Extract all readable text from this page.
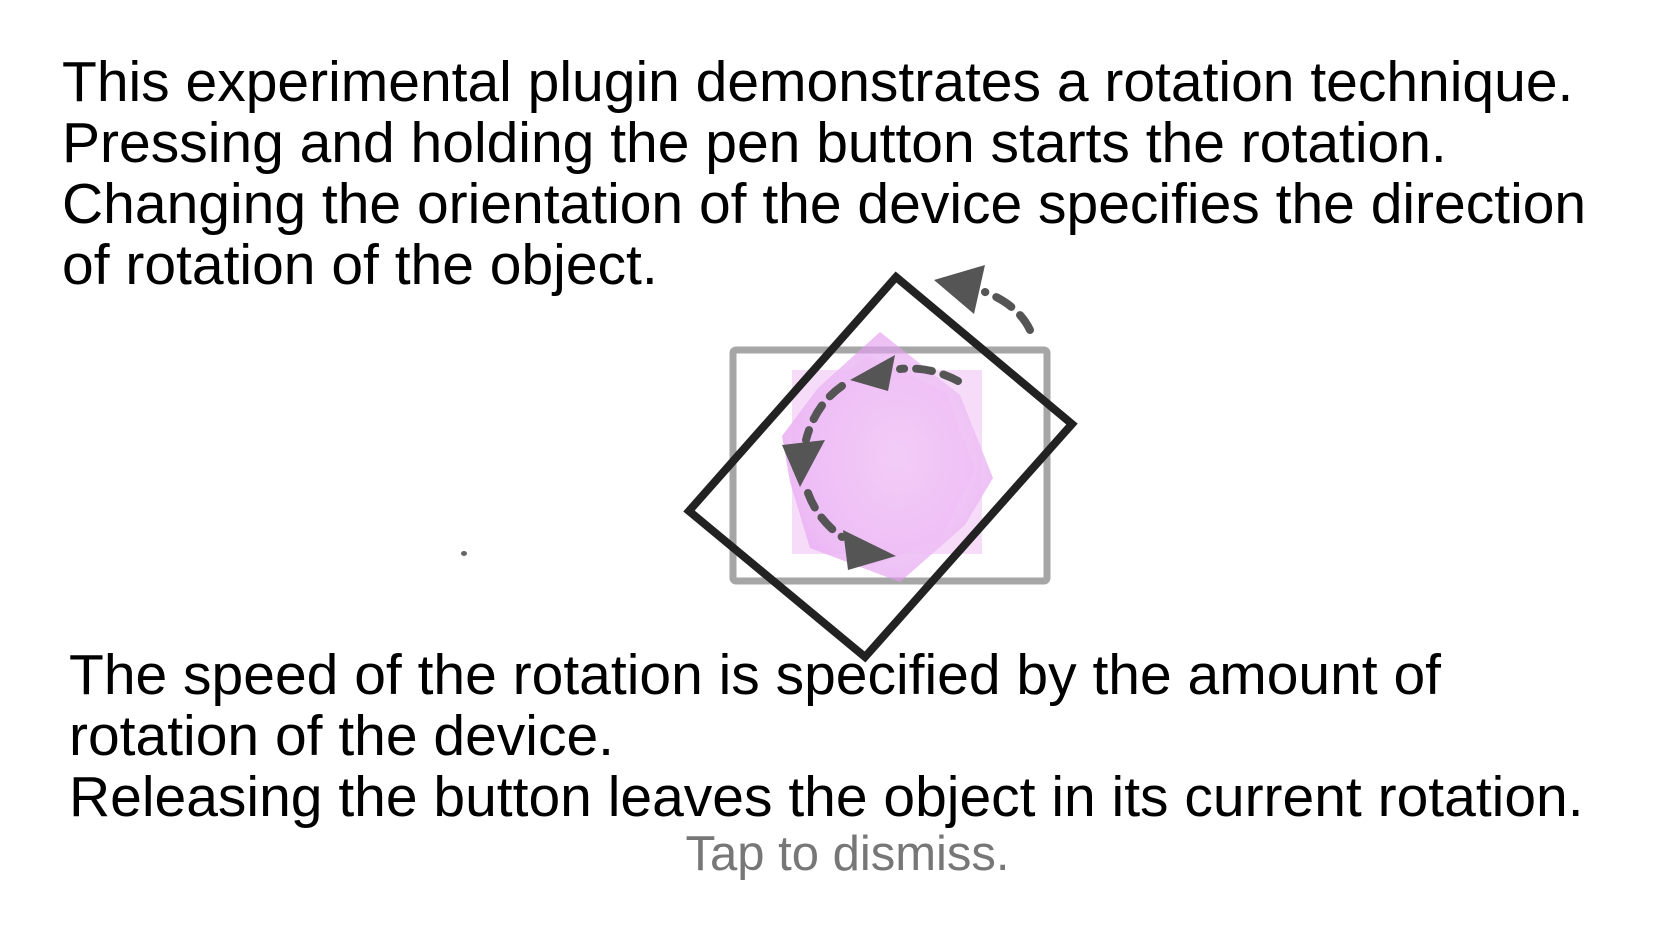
This experimental plugin demonstrates a rotation technique.
Pressing and holding the pen button starts the rotation.
Changing the orientation of the device specifies the direction
of rotation of the object.

The speed of the rotation is specified by the amount of
rotation of the device.
Releasing the button leaves the object in its current rotation.

Tap to dismiss.
